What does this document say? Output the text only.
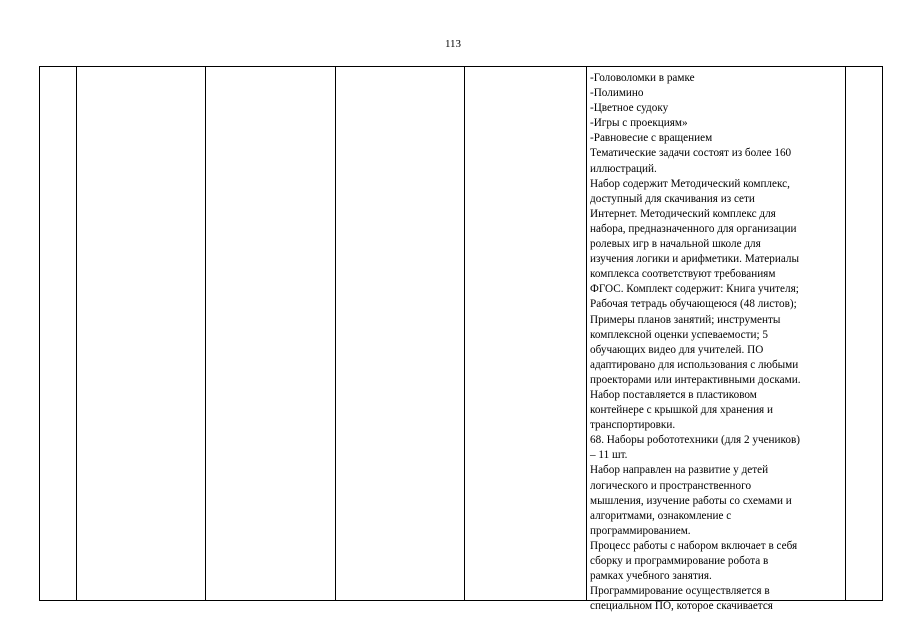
113

-Головоломки в рамке

-Полимино

-Цветное судоку

-Игры с проекциям»

-Равновесие с вращением

Тематические задачи состоят из более 160

иллюстраций.

Набор содержит Методический комплекс,

доступный для скачивания из сети

Интернет. Методический комплекс для

набора, предназначенного для организации

ролевых игр в начальной школе для

изучения логики и арифметики. Материалы

комплекса соответствуют требованиям

ФГОС. Комплект содержит: Книга учителя;

Рабочая тетрадь обучающеюся (48 листов);

Примеры планов занятий; инструменты

комплексной оценки успеваемости; 5

обучающих видео для учителей. ПО

адаптировано для использования с любыми

проекторами или интерактивными досками.

Набор поставляется в пластиковом

контейнере с крышкой для хранения и

транспортировки.

68. Наборы робототехники (для 2 учеников)

– 11 шт.

Набор направлен на развитие у детей

логического и пространственного

мышления, изучение работы со схемами и

алгоритмами, ознакомление с

программированием.

Процесс работы с набором включает в себя

сборку и программирование робота в

рамках учебного занятия.

Программирование осуществляется в

специальном ПО, которое скачивается
